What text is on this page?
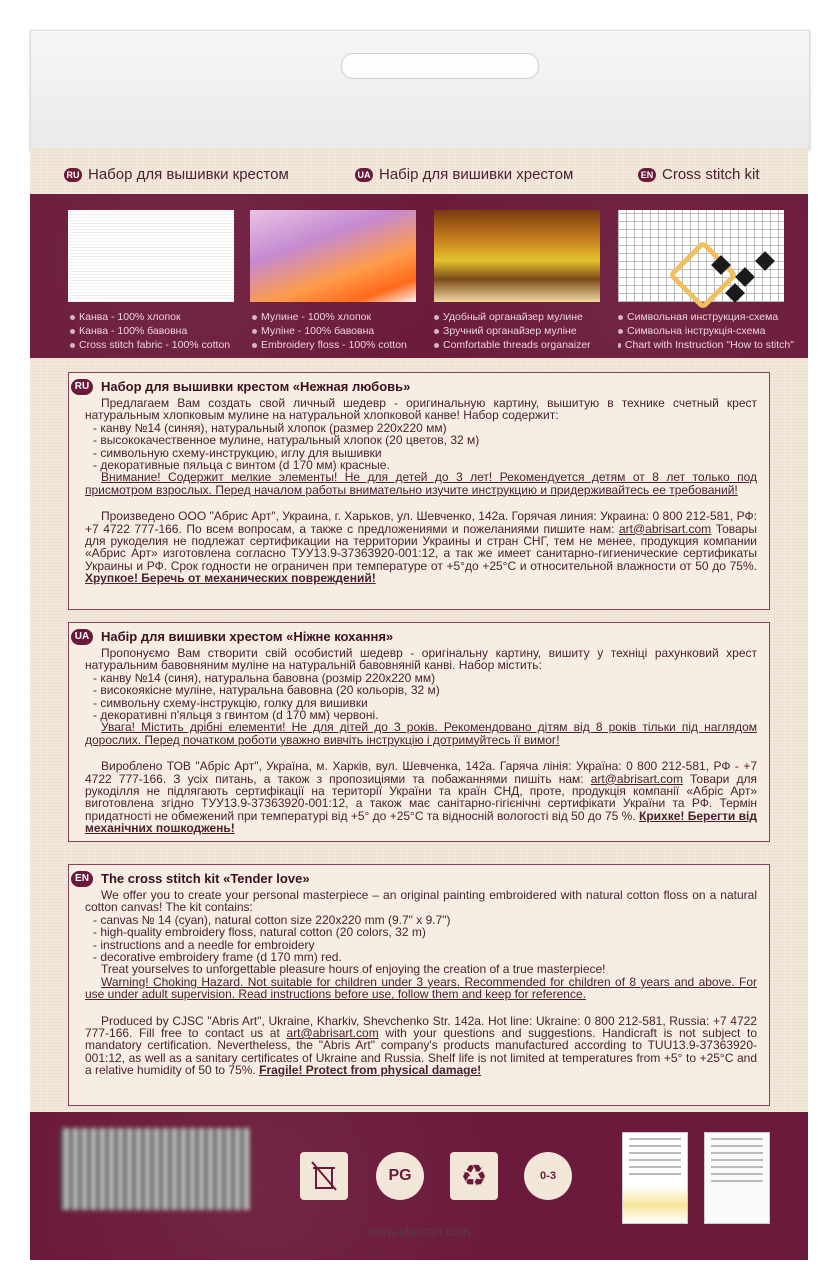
RU Набор для вышивки крестом	UA Набір для вишивки хрестом	EN Cross stitch kit
Канва - 100% хлопок
Канва - 100% бавовна
Cross stitch fabric - 100% cotton
Мулине - 100% хлопок
Муліне - 100% бавовна
Embroidery floss - 100% cotton
Удобный органайзер мулине
Зручний органайзер муліне
Comfortable threads organaizer
Символьная инструкция-схема
Символьна інструкція-схема
Chart with Instruction "How to stitch"
RU Набор для вышивки крестом «Нежная любовь»

Предлагаем Вам создать свой личный шедевр - оригинальную картину, вышитую в технике счетный крест натуральным хлопковым мулине на натуральной хлопковой канве! Набор содержит:

- канву №14 (синяя), натуральный хлопок (размер 220х220 мм)
- высококачественное мулине, натуральный хлопок (20 цветов, 32 м)
- символьную схему-инструкцию, иглу для вышивки
- декоративные пяльца с винтом (d 170 мм) красные.

Внимание! Содержит мелкие элементы! Не для детей до 3 лет! Рекомендуется детям от 8 лет только под присмотром взрослых. Перед началом работы внимательно изучите инструкцию и придерживайтесь ее требований!

Произведено ООО "Абрис Арт", Украина, г. Харьков, ул. Шевченко, 142а. Горячая линия: Украина: 0 800 212-581, РФ: +7 4722 777-166. По всем вопросам, а также с предложениями и пожеланиями пишите нам: art@abrisart.com Товары для рукоделия не подлежат сертификации на территории Украины и стран СНГ, тем не менее, продукция компании «Абрис Арт» изготовлена согласно ТУУ13.9-37363920-001:12, а так же имеет санитарно-гигиенические сертификаты Украины и РФ. Срок годности не ограничен при температуре от +5°до +25°С и относительной влажности от 50 до 75%. Хрупкое! Беречь от механических повреждений!

UA Набір для вишивки хрестом «Ніжне кохання»

Пропонуємо Вам створити свій особистий шедевр - оригінальну картину, вишиту у техніці рахунковий хрест натуральним бавовняним муліне на натуральній бавовняній канві. Набор містить:

- канву №14 (синя), натуральна бавовна (розмір 220х220 мм)
- високоякісне муліне, натуральна бавовна (20 кольорів, 32 м)
- символьну схему-інструкцію, голку для вишивки
- декоративні п'яльця з гвинтом (d 170 мм) червоні.

Увага! Містить дрібні елементи! Не для дітей до 3 років. Рекомендовано дітям від 8 років тільки під наглядом дорослих. Перед початком роботи уважно вивчіть інструкцію і дотримуйтесь її вимог!

Вироблено ТОВ "Абріс Арт", Україна, м. Харків, вул. Шевченка, 142а. Гаряча лінія: Україна: 0 800 212-581, РФ - +7 4722 777-166. З усіх питань, а також з пропозиціями та побажаннями пишіть нам: art@abrisart.com Товари для рукоділля не підлягають сертифікації на території України та країн СНД, проте, продукція компанії «Абріс Арт» виготовлена згідно ТУУ13.9-37363920-001:12, а також має санітарно-гігієнічні сертифікати України та РФ. Термін придатності не обмежений при температурі від +5° до +25°С та відносній вологості від 50 до 75 %. Крихке! Берегти від механічних пошкоджень!

EN The cross stitch kit «Tender love»

We offer you to create your personal masterpiece – an original painting embroidered with natural cotton floss on a natural cotton canvas! The kit contains:

- canvas № 14 (cyan), natural cotton size 220x220 mm (9.7" x 9.7")
- high-quality embroidery floss, natural cotton (20 colors, 32 m)
- instructions and a needle for embroidery
- decorative embroidery frame (d 170 mm) red.

Treat yourselves to unforgettable pleasure hours of enjoying the creation of a true masterpiece!

Warning! Choking Hazard. Not suitable for children under 3 years. Recommended for children of 8 years and above. For use under adult supervision. Read instructions before use, follow them and keep for reference.

Produced by CJSC "Abris Art", Ukraine, Kharkiv, Shevchenko Str. 142a. Hot line: Ukraine: 0 800 212-581, Russia: +7 4722 777-166. Fill free to contact us at art@abrisart.com with your questions and suggestions. Handicraft is not subject to mandatory certification. Nevertheless, the "Abris Art" company's products manufactured according to TUU13.9-37363920-001:12, as well as a sanitary certificates of Ukraine and Russia. Shelf life is not limited at temperatures from +5° to +25°C and a relative humidity of 50 to 75%. Fragile! Protect from physical damage!

PG	♻	0-3
www.abrisart.com
